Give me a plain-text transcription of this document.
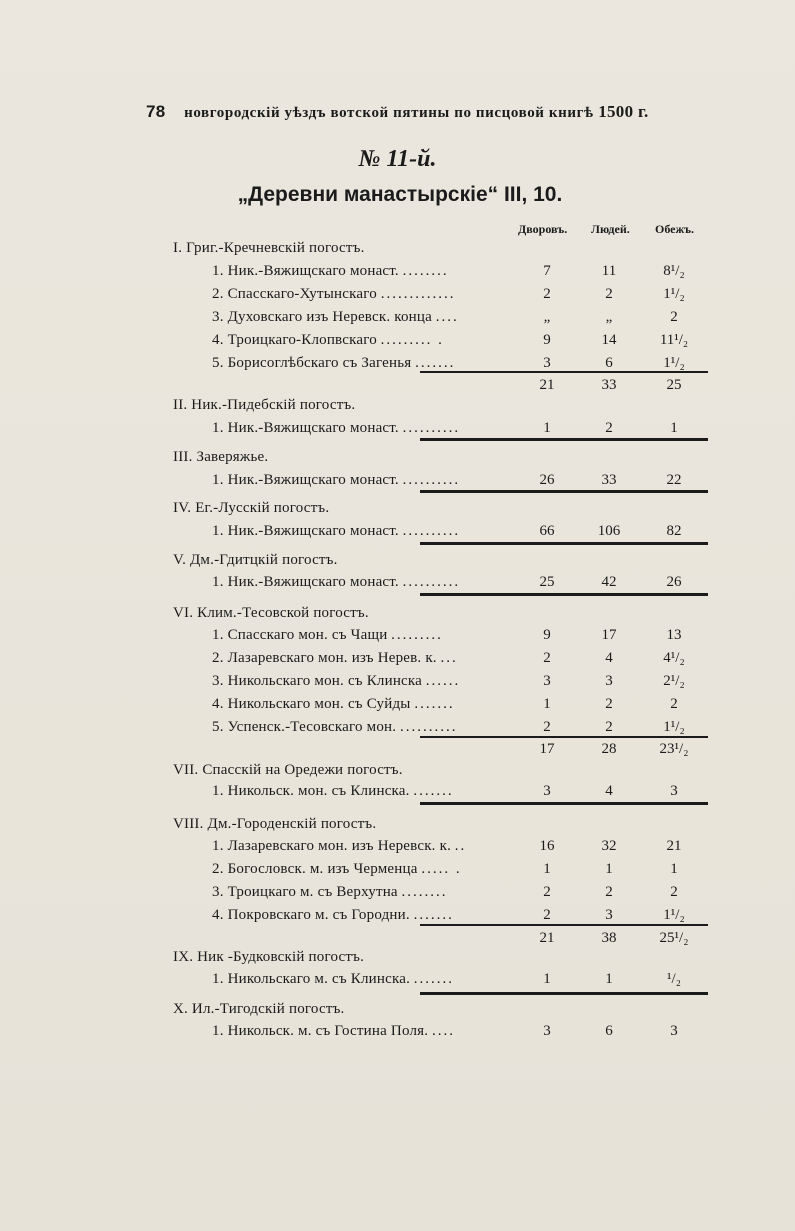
78 новгородскій уѣздъ вотской пятины по писцовой книгѣ 1500 г.
№ 11-й.
„Деревни манастырскіе“ III, 10.
Дворовъ. Людей. Обежъ.
I. Григ.-Кречневскій погостъ.
1. Ник.-Вяжищскаго монаст. ........	7	11	8¹/₂
2. Спасскаго-Хутынскаго .............	2	2	1¹/₂
3. Духовскаго изъ Неревск. конца ....	„	„	2
4. Троицкаго-Клопвскаго ......... .	9	14	11¹/₂
5. Борисоглѣбскаго съ Загенья .......	3	6	1¹/₂
21	33	25
II. Ник.-Пидебскій погостъ.
1. Ник.-Вяжищскаго монаст. ..........	1	2	1
III. Заверяжье.
1. Ник.-Вяжищскаго монаст. ..........	26	33	22
IV. Ег.-Лусскій погостъ.
1. Ник.-Вяжищскаго монаст. ..........	66	106	82
V. Дм.-Гдитцкій погостъ.
1. Ник.-Вяжищскаго монаст. ..........	25	42	26
VI. Клим.-Тесовской погостъ.
1. Спасскаго мон. съ Чащи .........	9	17	13
2. Лазаревскаго мон. изъ Нерев. к. ...	2	4	4¹/₂
3. Никольскаго мон. съ Клинска ......	3	3	2¹/₂
4. Никольскаго мон. съ Суйды .......	1	2	2
5. Успенск.-Тесовскаго мон. ..........	2	2	1¹/₂
17	28	23¹/₂
VII. Спасскій на Оредежи погостъ.
1. Никольск. мон. съ Клинска. .......	3	4	3
VIII. Дм.-Городенскій погостъ.
1. Лазаревскаго мон. изъ Неревск. к. ..	16	32	21
2. Богословск. м. изъ Черменца ..... .	1	1	1
3. Троицкаго м. съ Верхутна ........	2	2	2
4. Покровскаго м. съ Городни. .......	2	3	1¹/₂
21	38	25¹/₂
IX. Ник -Будковскій погостъ.
1. Никольскаго м. съ Клинска. .......	1	1	¹/₂
X. Ил.-Тигодскій погостъ.
1. Никольск. м. съ Гостина Поля. ....	3	6	3
